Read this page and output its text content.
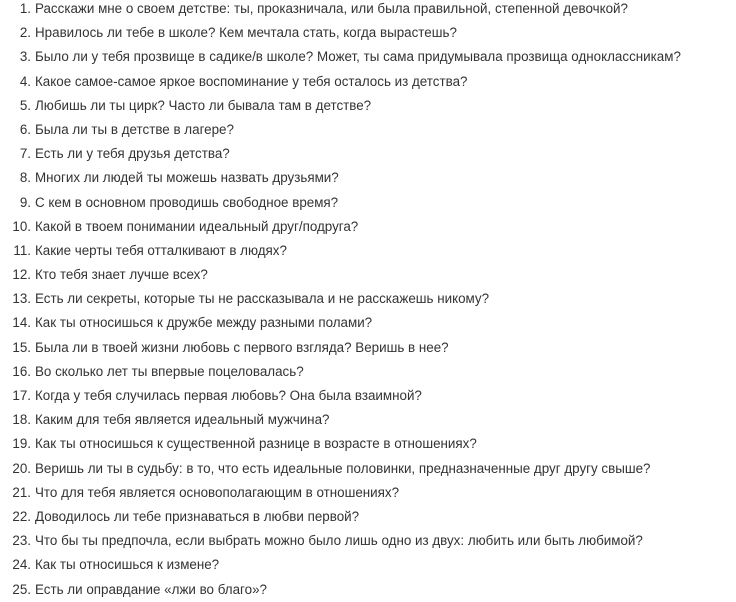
1. Расскажи мне о своем детстве: ты, проказничала, или была правильной, степенной девочкой?
2. Нравилось ли тебе в школе? Кем мечтала стать, когда вырастешь?
3. Было ли у тебя прозвище в садике/в школе? Может, ты сама придумывала прозвища одноклассникам?
4. Какое самое-самое яркое воспоминание у тебя осталось из детства?
5. Любишь ли ты цирк? Часто ли бывала там в детстве?
6. Была ли ты в детстве в лагере?
7. Есть ли у тебя друзья детства?
8. Многих ли людей ты можешь назвать друзьями?
9. С кем в основном проводишь свободное время?
10. Какой в твоем понимании идеальный друг/подруга?
11. Какие черты тебя отталкивают в людях?
12. Кто тебя знает лучше всех?
13. Есть ли секреты, которые ты не рассказывала и не расскажешь никому?
14. Как ты относишься к дружбе между разными полами?
15. Была ли в твоей жизни любовь с первого взгляда? Веришь в нее?
16. Во сколько лет ты впервые поцеловалась?
17. Когда у тебя случилась первая любовь? Она была взаимной?
18. Каким для тебя является идеальный мужчина?
19. Как ты относишься к существенной разнице в возрасте в отношениях?
20. Веришь ли ты в судьбу: в то, что есть идеальные половинки, предназначенные друг другу свыше?
21. Что для тебя является основополагающим в отношениях?
22. Доводилось ли тебе признаваться в любви первой?
23. Что бы ты предпочла, если выбрать можно было лишь одно из двух: любить или быть любимой?
24. Как ты относишься к измене?
25. Есть ли оправдание «лжи во благо»?
